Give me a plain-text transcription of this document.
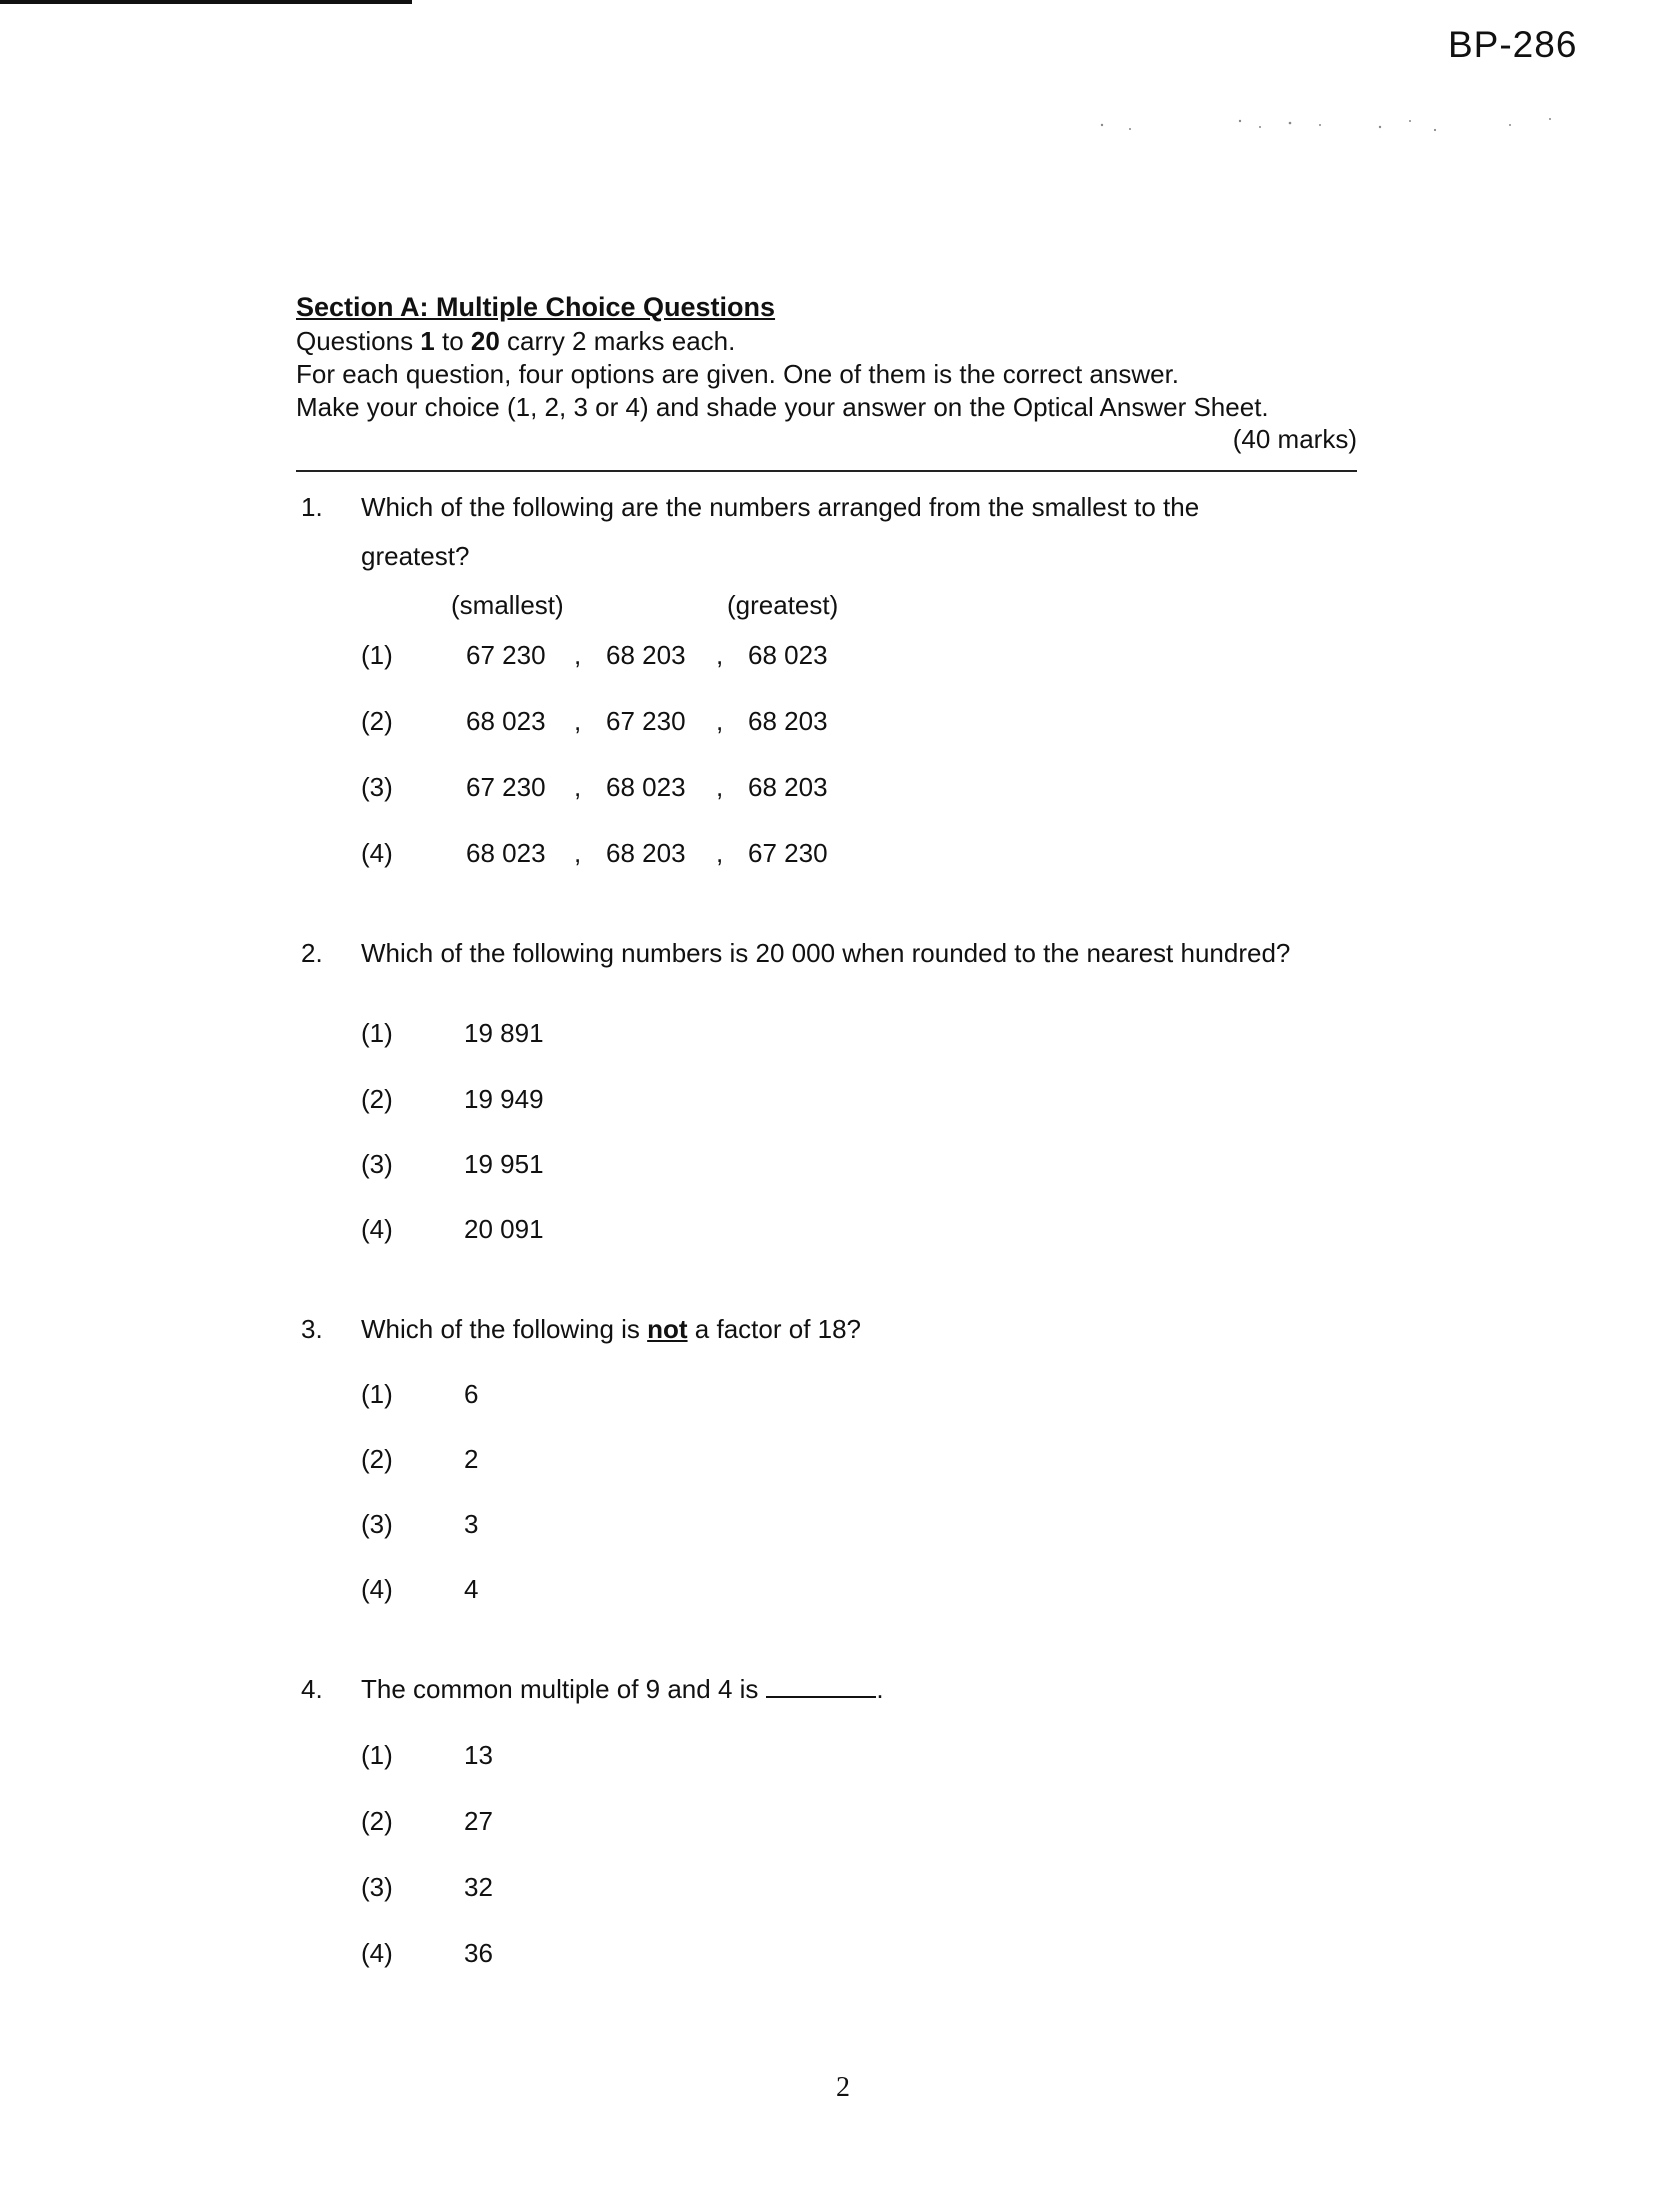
BP-286
Section A: Multiple Choice Questions
Questions 1 to 20 carry 2 marks each.
For each question, four options are given. One of them is the correct answer.
Make your choice (1, 2, 3 or 4) and shade your answer on the Optical Answer Sheet.
(40 marks)
1. Which of the following are the numbers arranged from the smallest to the
greatest?
(smallest)	(greatest)
(1)	67 230 , 68 203 , 68 023
(2)	68 023 , 67 230 , 68 203
(3)	67 230 , 68 023 , 68 203
(4)	68 023 , 68 203 , 67 230
2. Which of the following numbers is 20 000 when rounded to the nearest hundred?
(1)	19 891
(2)	19 949
(3)	19 951
(4)	20 091
3. Which of the following is not a factor of 18?
(1)	6
(2)	2
(3)	3
(4)	4
4. The common multiple of 9 and 4 is	.
(1)	13
(2)	27
(3)	32
(4)	36
2
